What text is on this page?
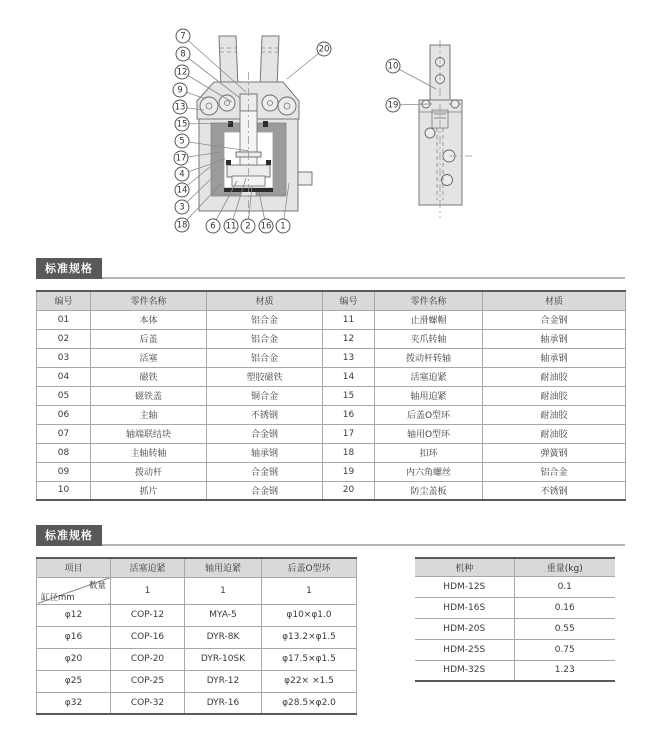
7
8
12
9
13
15
5
17
4
14
3
18	6 11 2 16 1
20
10
19
标准规格
编号	零件名称	材质	编号	零件名称	材质
01	本体	铝合金	11	止滑螺帽	合金钢
02	后盖	铝合金	12	夹爪转轴	轴承钢
03	活塞	铝合金	13	拨动杆转轴	轴承钢
04	磁铁	塑胶磁铁	14	活塞迫紧	耐油胶
05	磁铁盖	铜合金	15	轴用迫紧	耐油胶
06	主轴	不锈钢	16	后盖O型环	耐油胶
07	轴端联结块	合金钢	17	轴用O型环	耐油胶
08	主轴转轴	轴承钢	18	扣环	弹簧钢
09	拨动杆	合金钢	19	内六角螺丝	铝合金
10	抓片	合金钢	20	防尘盖板	不锈钢
标准规格
项目	活塞迫紧	轴用迫紧	后盖O型环

数量
缸径mm	1	1	1
φ12	COP-12	MYA-5	φ10×φ1.0
φ16	COP-16	DYR-8K	φ13.2×φ1.5
φ20	COP-20	DYR-10SK	φ17.5×φ1.5
φ25	COP-25	DYR-12	φ22× ×1.5
φ32	COP-32	DYR-16	φ28.5×φ2.0
机种	重量(kg)
HDM-12S	0.1
HDM-16S	0.16
HDM-20S	0.55
HDM-25S	0.75
HDM-32S	1.23
